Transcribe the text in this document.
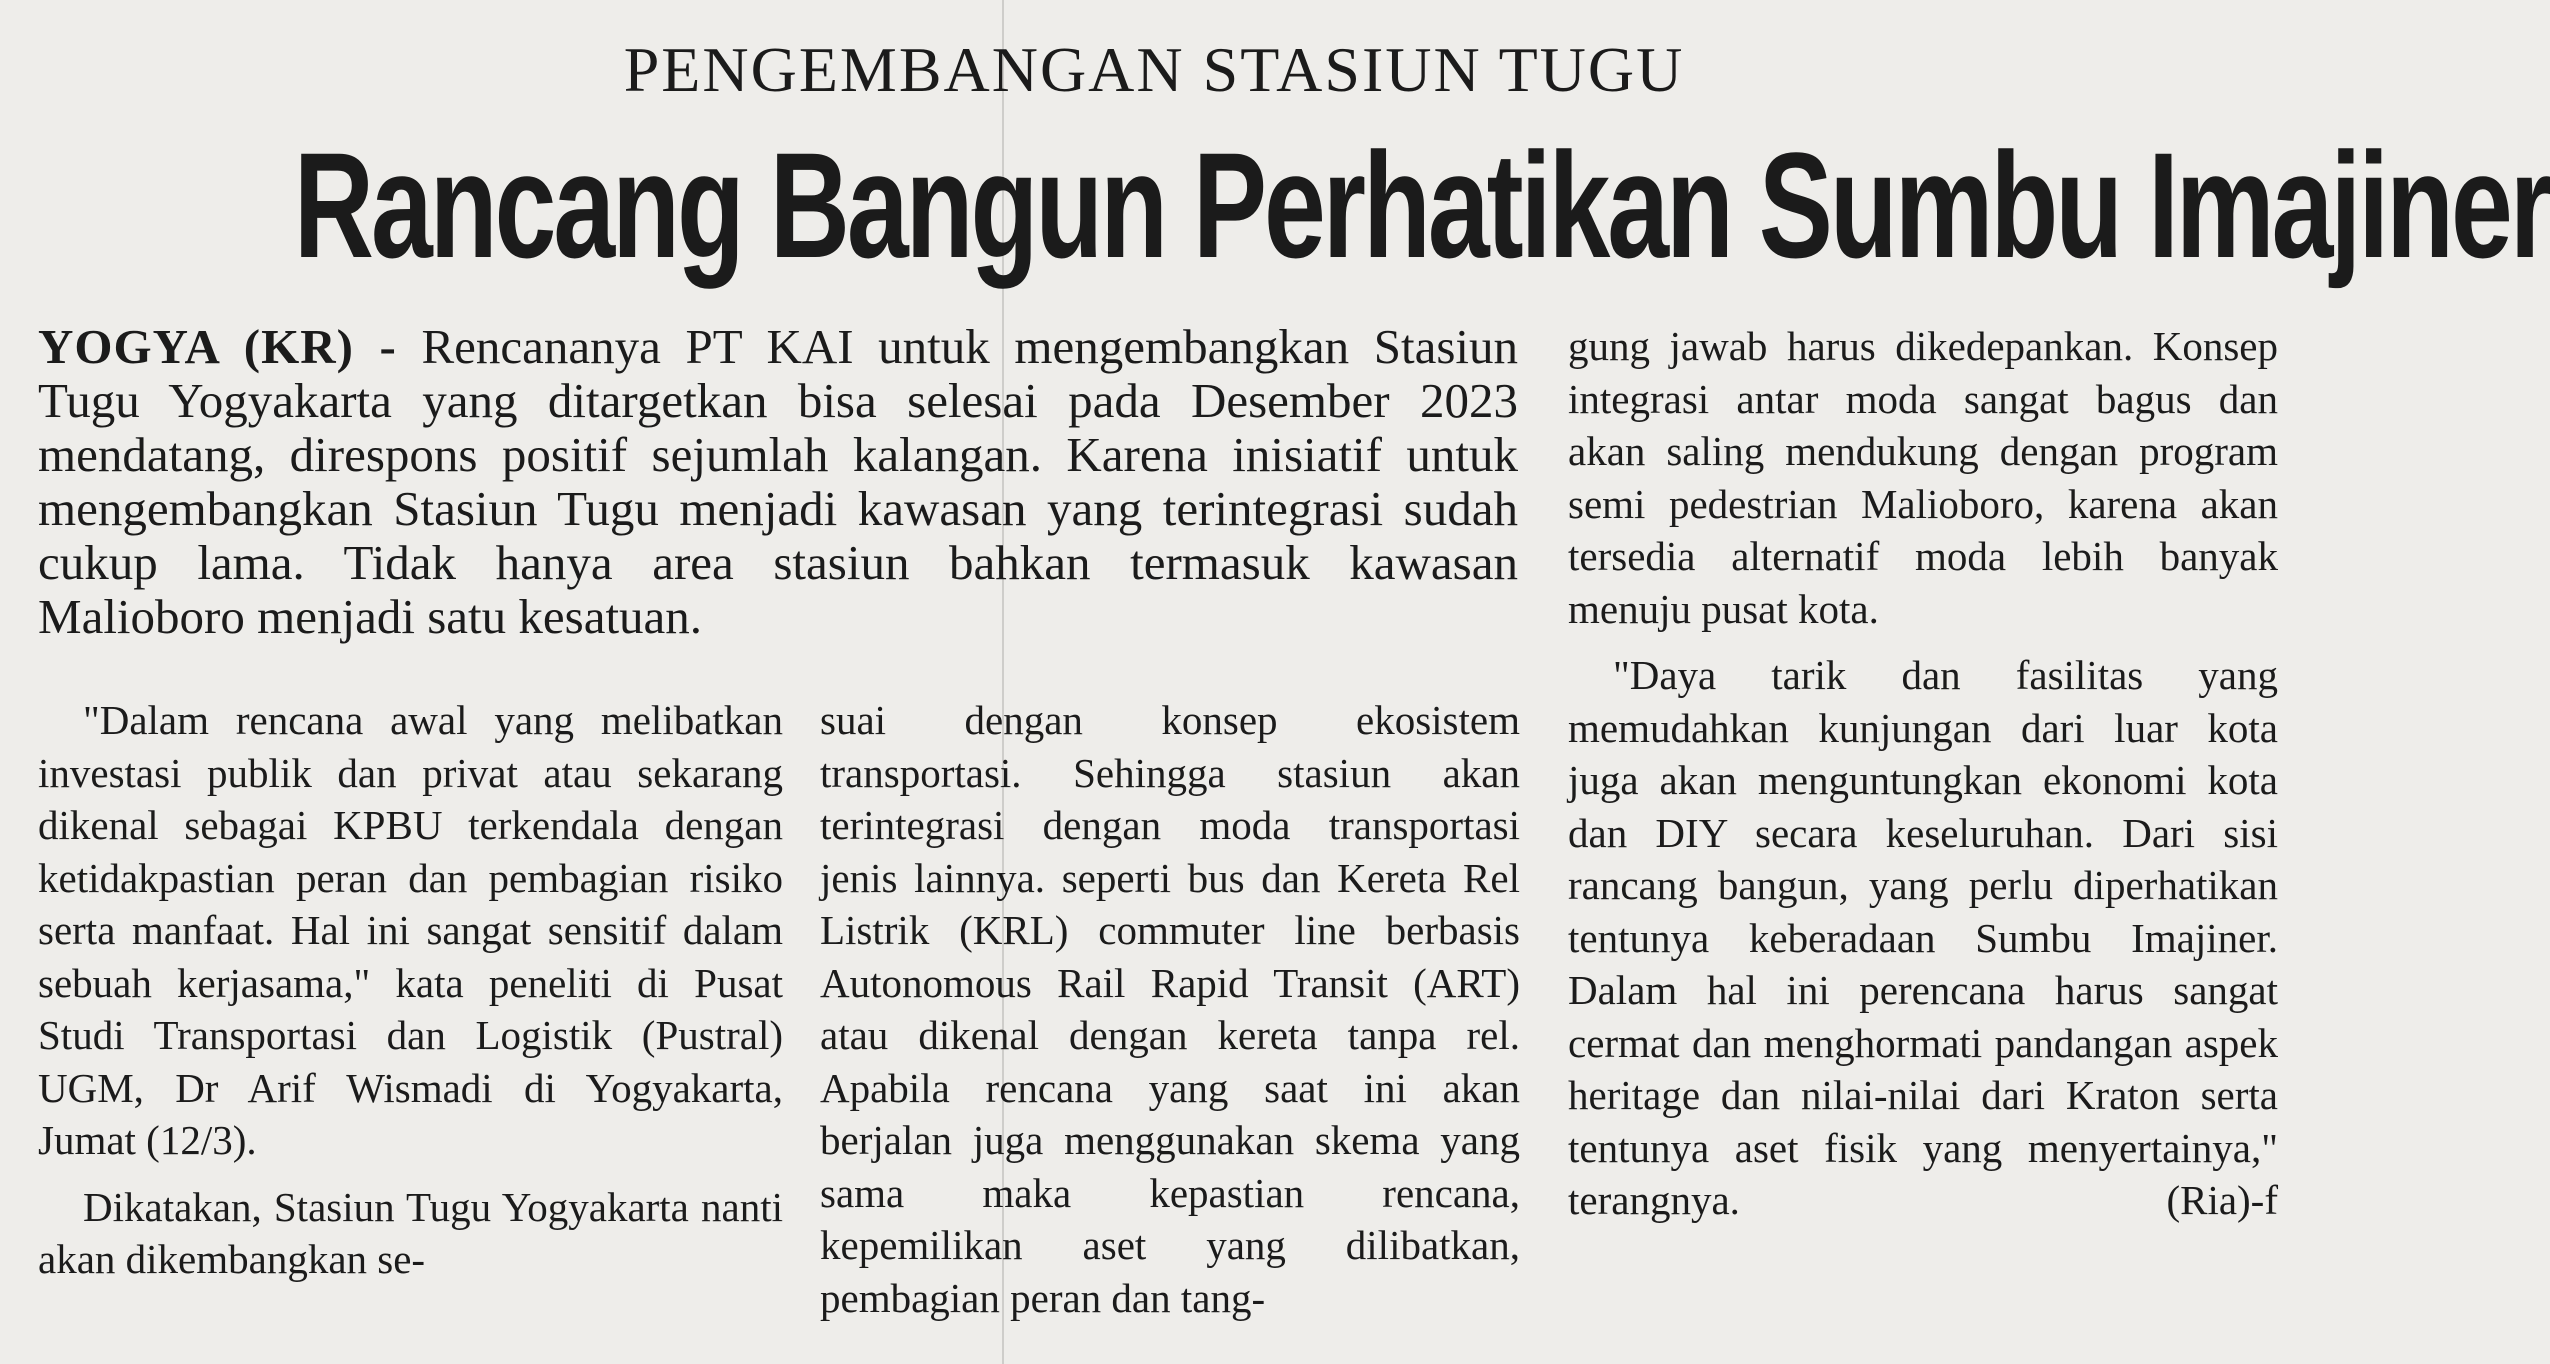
PENGEMBANGAN STASIUN TUGU
Rancang Bangun Perhatikan Sumbu Imajiner
YOGYA (KR) - Rencananya PT KAI untuk mengembangkan Stasiun Tugu Yogyakarta yang ditargetkan bisa selesai pada Desember 2023 mendatang, direspons positif sejumlah kalangan. Karena inisiatif untuk mengembangkan Stasiun Tugu menjadi kawasan yang terintegrasi sudah cukup lama. Tidak hanya area stasiun bahkan termasuk kawasan Malioboro menjadi satu kesatuan.

"Dalam rencana awal yang melibatkan investasi publik dan privat atau sekarang dikenal sebagai KPBU terkendala dengan ketidakpastian peran dan pembagian risiko serta manfaat. Hal ini sangat sensitif dalam sebuah kerjasama," kata peneliti di Pusat Studi Transportasi dan Logistik (Pustral) UGM, Dr Arif Wismadi di Yogyakarta, Jumat (12/3).

Dikatakan, Stasiun Tugu Yogyakarta nanti akan dikembangkan se-

suai dengan konsep ekosistem transportasi. Sehingga stasiun akan terintegrasi dengan moda transportasi jenis lainnya. seperti bus dan Kereta Rel Listrik (KRL) commuter line berbasis Autonomous Rail Rapid Transit (ART) atau dikenal dengan kereta tanpa rel. Apabila rencana yang saat ini akan berjalan juga menggunakan skema yang sama maka kepastian rencana, kepemilikan aset yang dilibatkan, pembagian peran dan tang-

gung jawab harus dikedepankan. Konsep integrasi antar moda sangat bagus dan akan saling mendukung dengan program semi pedestrian Malioboro, karena akan tersedia alternatif moda lebih banyak menuju pusat kota.

"Daya tarik dan fasilitas yang memudahkan kunjungan dari luar kota juga akan menguntungkan ekonomi kota dan DIY secara keseluruhan. Dari sisi rancang bangun, yang perlu diperhatikan tentunya keberadaan Sumbu Imajiner. Dalam hal ini perencana harus sangat cermat dan menghormati pandangan aspek heritage dan nilai-nilai dari Kraton serta tentunya aset fisik yang menyertainya," terangnya.	(Ria)-f
